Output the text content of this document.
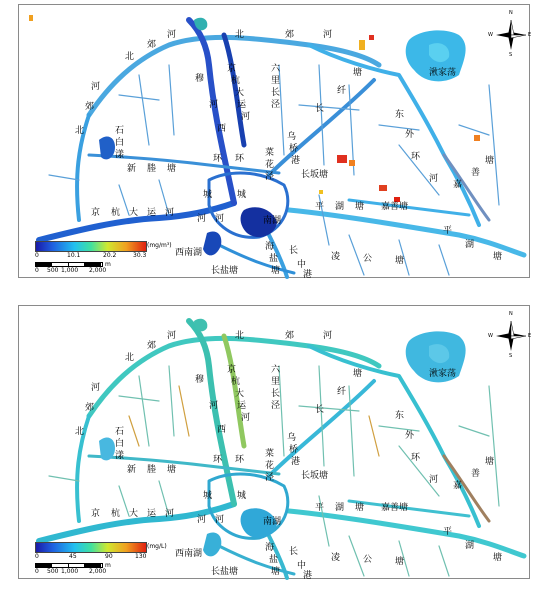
N
S
E
W
河	北	郊	河
北
郊
河
郊
北
穆
河
西
京
杭
大
运
河
六
里
长
泾	长
纤
塘	湫家荡
东
外
环
河
石
白
漾
新 塍 塘
乌
桥
港
菜
花
泾
环 环
城	城
长坂塘
嘉
善
塘
京 杭 大 运 河
河 河
平 湖 塘
南湖
嘉善塘
平
湖
塘
西南湖
海
盐
塘
长
中
港
凌	公	塘
长盐塘
0	10.1	20.2	30.3
(mg/m³)
0 500 1,000 2,000
m
N
S
E
W
河	北	郊	河
北
郊
河
郊
北
穆
河
西
京
杭
大
运
河
六
里
长
泾	长
纤
塘	湫家荡
东
外
环
河
石
白
漾
新 塍 塘
乌
桥
港
菜
花
泾
环 环
城	城
长坂塘
嘉
善
塘
京 杭 大 运 河
河 河
平 湖 塘
南湖
嘉善塘
平
湖
塘
西南湖
海
盐
塘
长
中
港
凌	公	塘
长盐塘
0	45	90	130
(mg/L)
0 500 1,000 2,000
m
